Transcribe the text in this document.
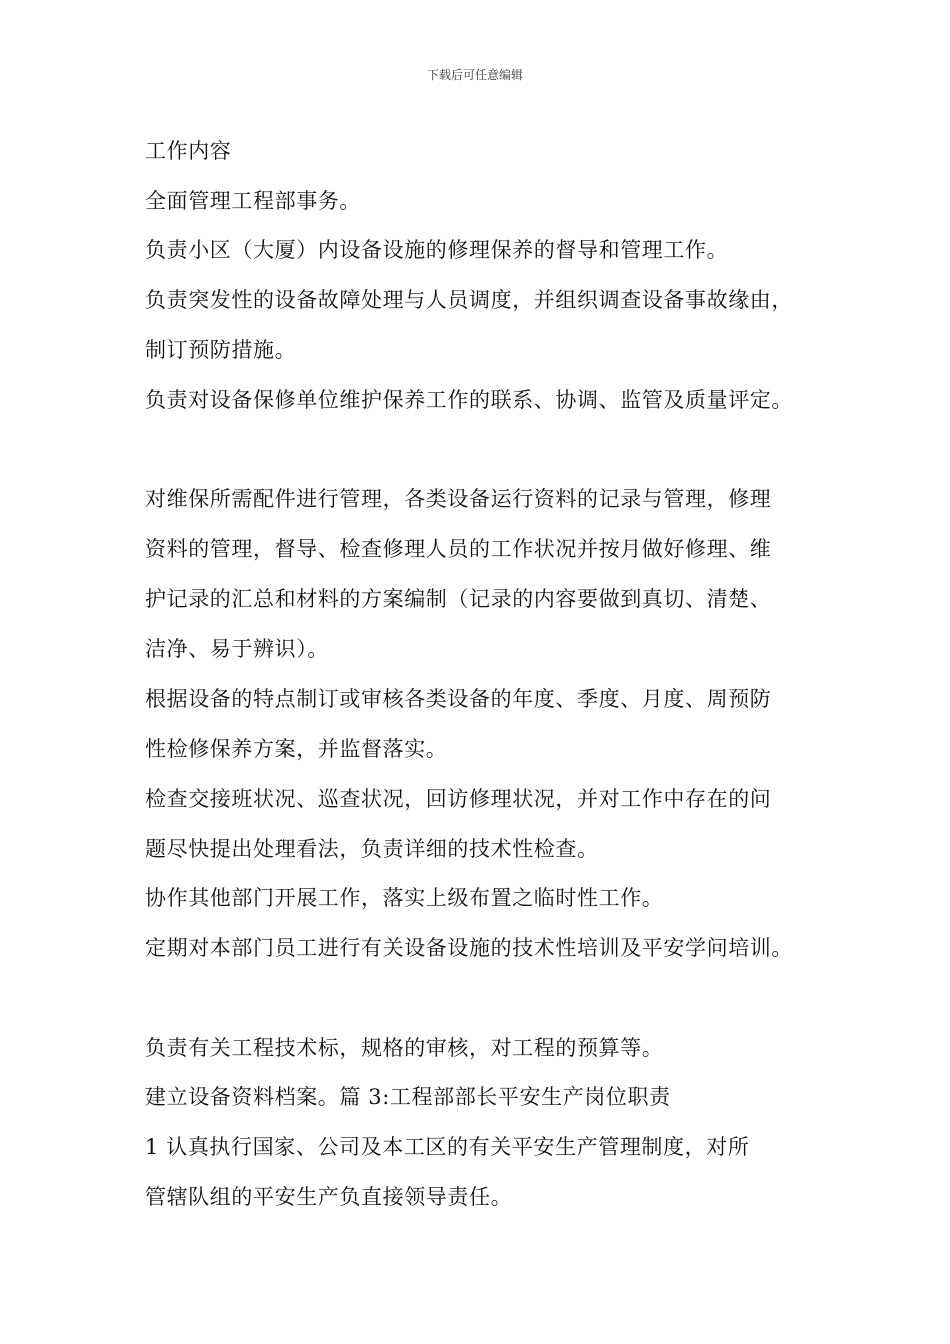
下载后可任意编辑
工作内容
全面管理工程部事务。
负责小区（大厦）内设备设施的修理保养的督导和管理工作。
负责突发性的设备故障处理与人员调度，并组织调查设备事故缘由，
制订预防措施。
负责对设备保修单位维护保养工作的联系、协调、监管及质量评定。
对维保所需配件进行管理，各类设备运行资料的记录与管理，修理
资料的管理，督导、检查修理人员的工作状况并按月做好修理、维
护记录的汇总和材料的方案编制（记录的内容要做到真切、清楚、
洁净、易于辨识）。
根据设备的特点制订或审核各类设备的年度、季度、月度、周预防
性检修保养方案，并监督落实。
检查交接班状况、巡查状况，回访修理状况，并对工作中存在的问
题尽快提出处理看法，负责详细的技术性检查。
协作其他部门开展工作，落实上级布置之临时性工作。
定期对本部门员工进行有关设备设施的技术性培训及平安学问培训。
负责有关工程技术标，规格的审核，对工程的预算等。
建立设备资料档案。篇 3:工程部部长平安生产岗位职责
1 认真执行国家、公司及本工区的有关平安生产管理制度，对所
管辖队组的平安生产负直接领导责任。
